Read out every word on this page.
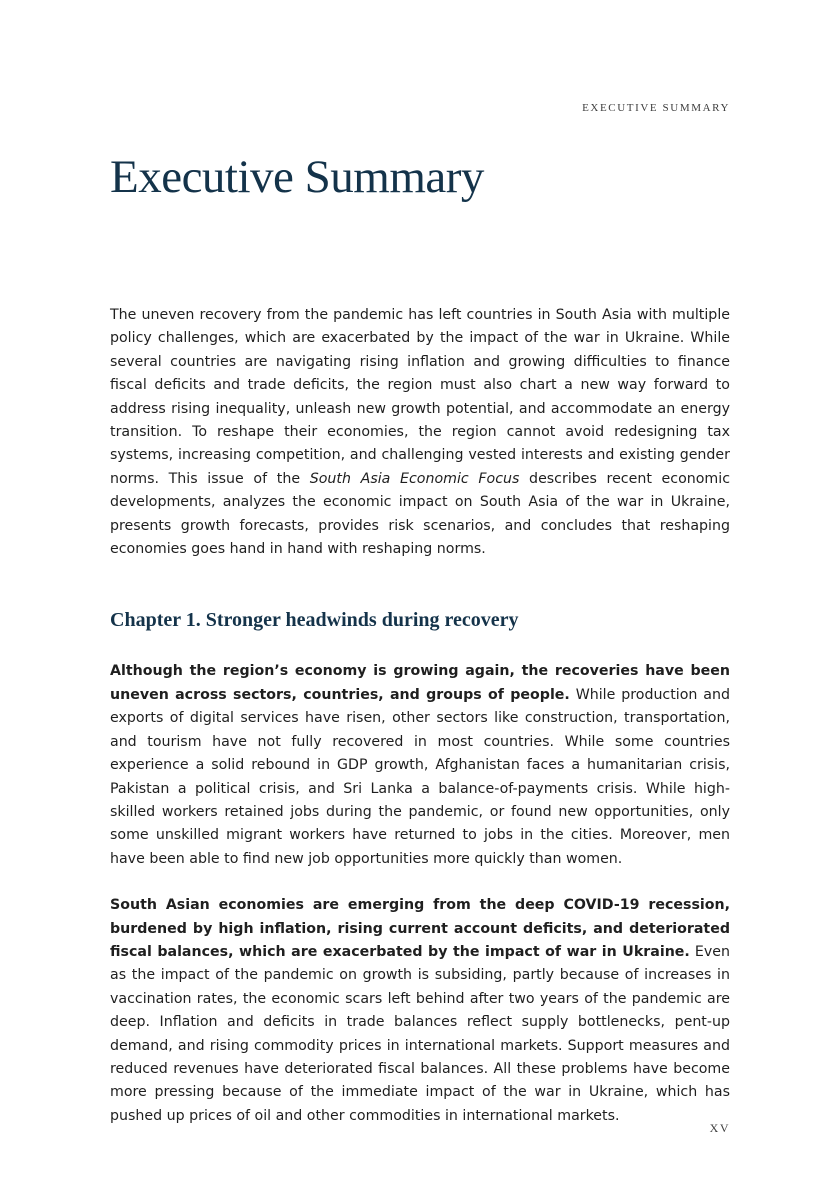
EXECUTIVE SUMMARY
Executive Summary

The uneven recovery from the pandemic has left countries in South Asia with multiple policy challenges, which are exacerbated by the impact of the war in Ukraine. While several countries are navigating rising inflation and growing difficulties to finance fiscal deficits and trade deficits, the region must also chart a new way forward to address rising inequality, unleash new growth potential, and accommodate an energy transition. To reshape their economies, the region cannot avoid redesigning tax systems, increasing competition, and challenging vested interests and existing gender norms. This issue of the South Asia Economic Focus describes recent economic developments, analyzes the economic impact on South Asia of the war in Ukraine, presents growth forecasts, provides risk scenarios, and concludes that reshaping economies goes hand in hand with reshaping norms.

Chapter 1. Stronger headwinds during recovery

Although the region’s economy is growing again, the recoveries have been uneven across sectors, countries, and groups of people. While production and exports of digital services have risen, other sectors like construction, transportation, and tourism have not fully recovered in most countries. While some countries experience a solid rebound in GDP growth, Afghanistan faces a humanitarian crisis, Pakistan a political crisis, and Sri Lanka a balance-of-payments crisis. While high-skilled workers retained jobs during the pandemic, or found new opportunities, only some unskilled migrant workers have returned to jobs in the cities. Moreover, men have been able to find new job opportunities more quickly than women.

South Asian economies are emerging from the deep COVID-19 recession, burdened by high inflation, rising current account deficits, and deteriorated fiscal balances, which are exacerbated by the impact of war in Ukraine. Even as the impact of the pandemic on growth is subsiding, partly because of increases in vaccination rates, the economic scars left behind after two years of the pandemic are deep. Inflation and deficits in trade balances reflect supply bottlenecks, pent-up demand, and rising commodity prices in international markets. Support measures and reduced revenues have deteriorated fiscal balances. All these problems have become more pressing because of the immediate impact of the war in Ukraine, which has pushed up prices of oil and other commodities in international markets.

XV
